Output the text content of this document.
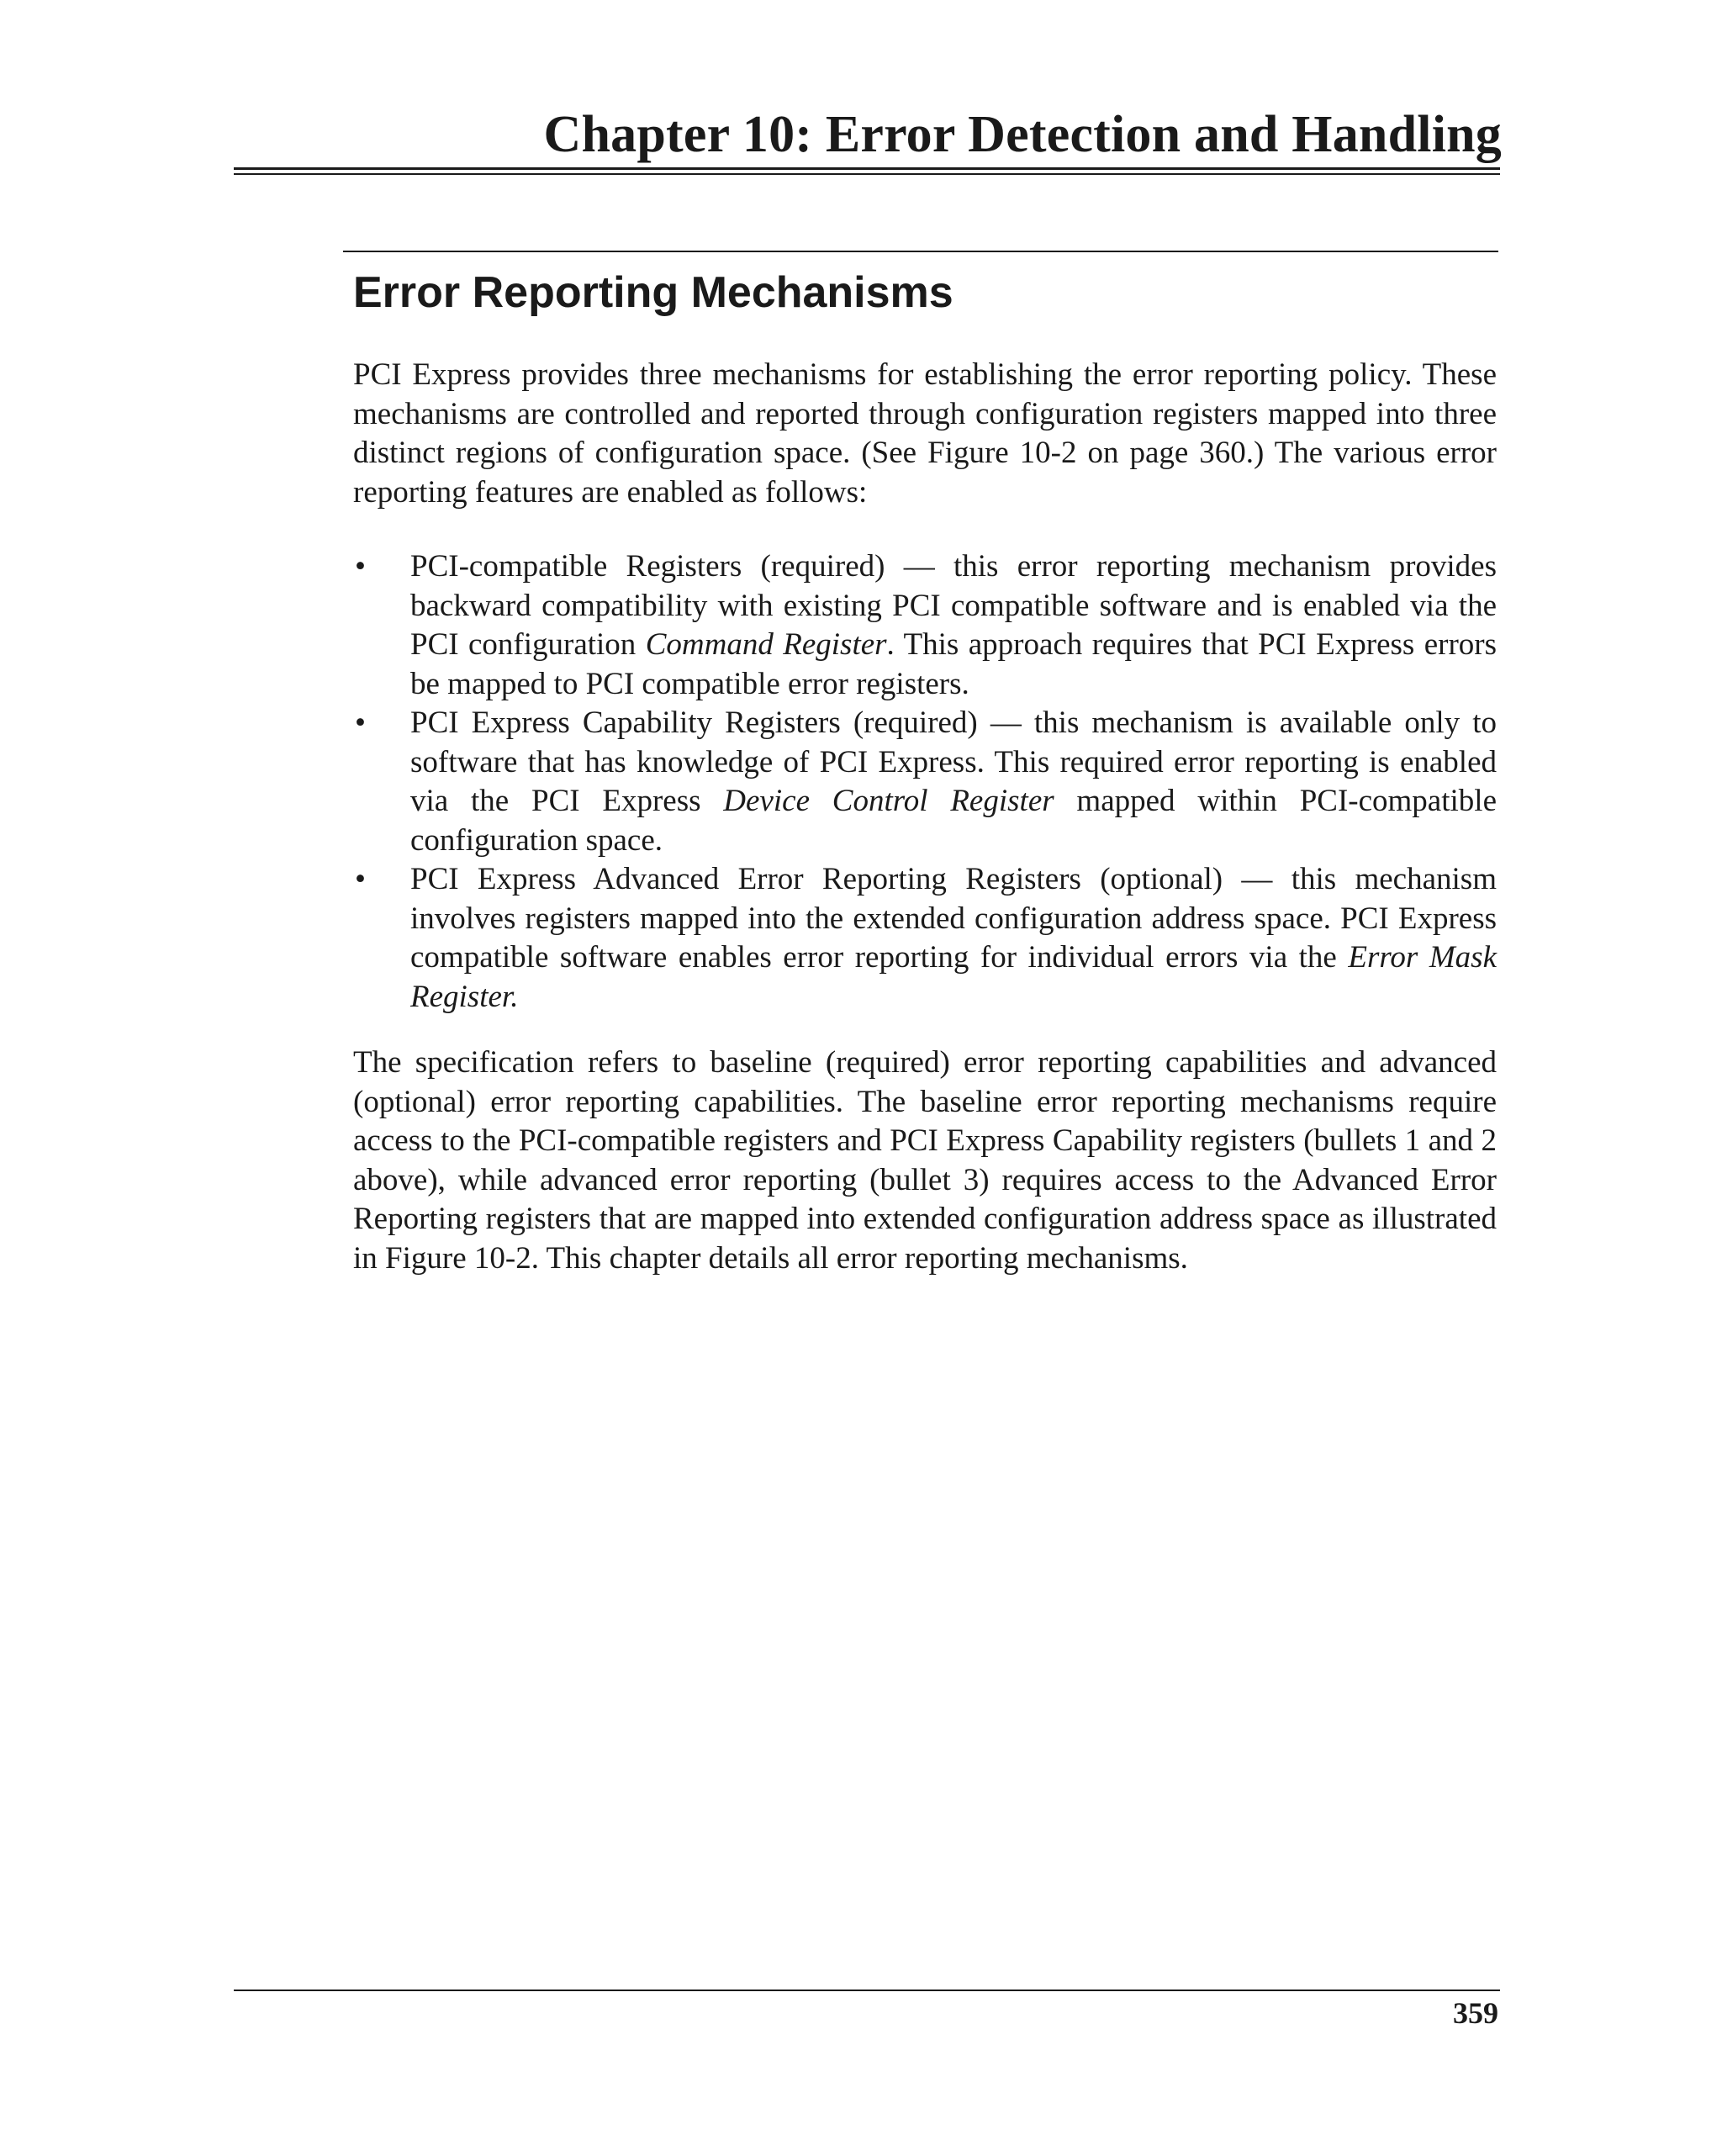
Chapter 10: Error Detection and Handling
Error Reporting Mechanisms

PCI Express provides three mechanisms for establishing the error reporting policy. These mechanisms are controlled and reported through configuration registers mapped into three distinct regions of configuration space. (See Figure 10-2 on page 360.) The various error reporting features are enabled as follows:

• PCI-compatible Registers (required) — this error reporting mechanism provides backward compatibility with existing PCI compatible software and is enabled via the PCI configuration Command Register. This approach requires that PCI Express errors be mapped to PCI compatible error registers.
• PCI Express Capability Registers (required) — this mechanism is available only to software that has knowledge of PCI Express. This required error reporting is enabled via the PCI Express Device Control Register mapped within PCI-compatible configuration space.
• PCI Express Advanced Error Reporting Registers (optional) — this mechanism involves registers mapped into the extended configuration address space. PCI Express compatible software enables error reporting for individual errors via the Error Mask Register.

The specification refers to baseline (required) error reporting capabilities and advanced (optional) error reporting capabilities. The baseline error reporting mechanisms require access to the PCI-compatible registers and PCI Express Capability registers (bullets 1 and 2 above), while advanced error reporting (bullet 3) requires access to the Advanced Error Reporting registers that are mapped into extended configuration address space as illustrated in Figure 10-2. This chapter details all error reporting mechanisms.

359
